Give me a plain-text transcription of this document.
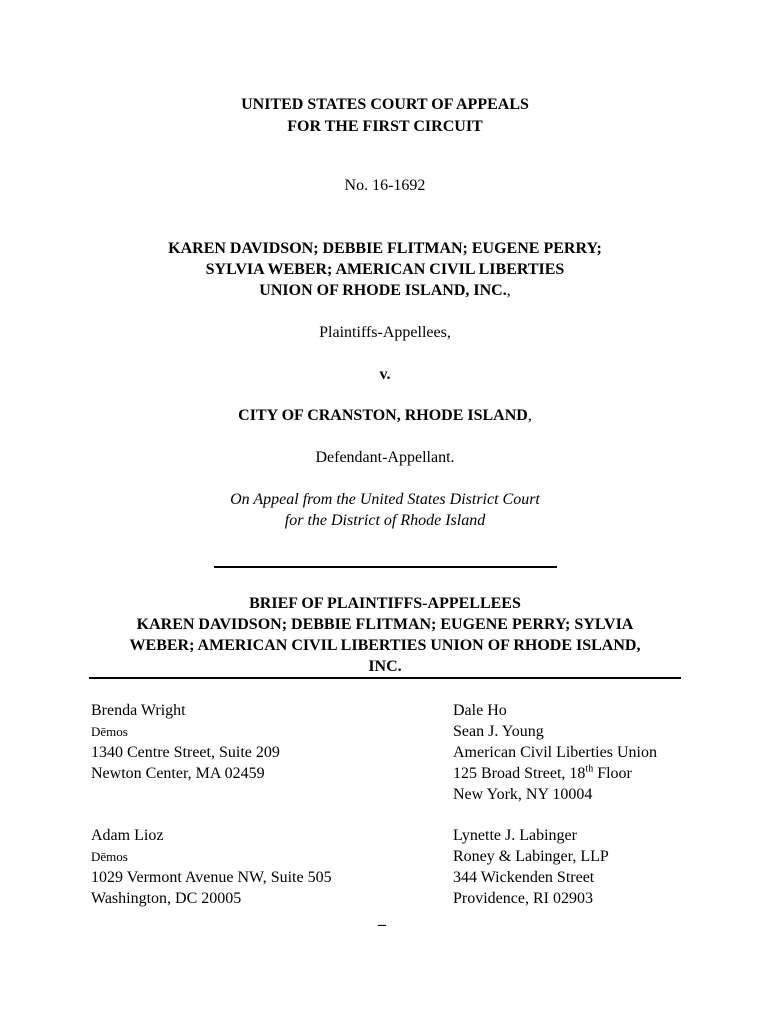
UNITED STATES COURT OF APPEALS
FOR THE FIRST CIRCUIT
No. 16-1692
KAREN DAVIDSON; DEBBIE FLITMAN; EUGENE PERRY;
SYLVIA WEBER; AMERICAN CIVIL LIBERTIES
UNION OF RHODE ISLAND, INC.,
Plaintiffs-Appellees,
v.
CITY OF CRANSTON, RHODE ISLAND,
Defendant-Appellant.
On Appeal from the United States District Court
for the District of Rhode Island
BRIEF OF PLAINTIFFS-APPELLEES
KAREN DAVIDSON; DEBBIE FLITMAN; EUGENE PERRY; SYLVIA
WEBER; AMERICAN CIVIL LIBERTIES UNION OF RHODE ISLAND,
INC.
Brenda Wright
Dēmos
1340 Centre Street, Suite 209
Newton Center, MA 02459
Dale Ho
Sean J. Young
American Civil Liberties Union
125 Broad Street, 18th Floor
New York, NY 10004
Adam Lioz
Dēmos
1029 Vermont Avenue NW, Suite 505
Washington, DC 20005
Lynette J. Labinger
Roney & Labinger, LLP
344 Wickenden Street
Providence, RI 02903
–
